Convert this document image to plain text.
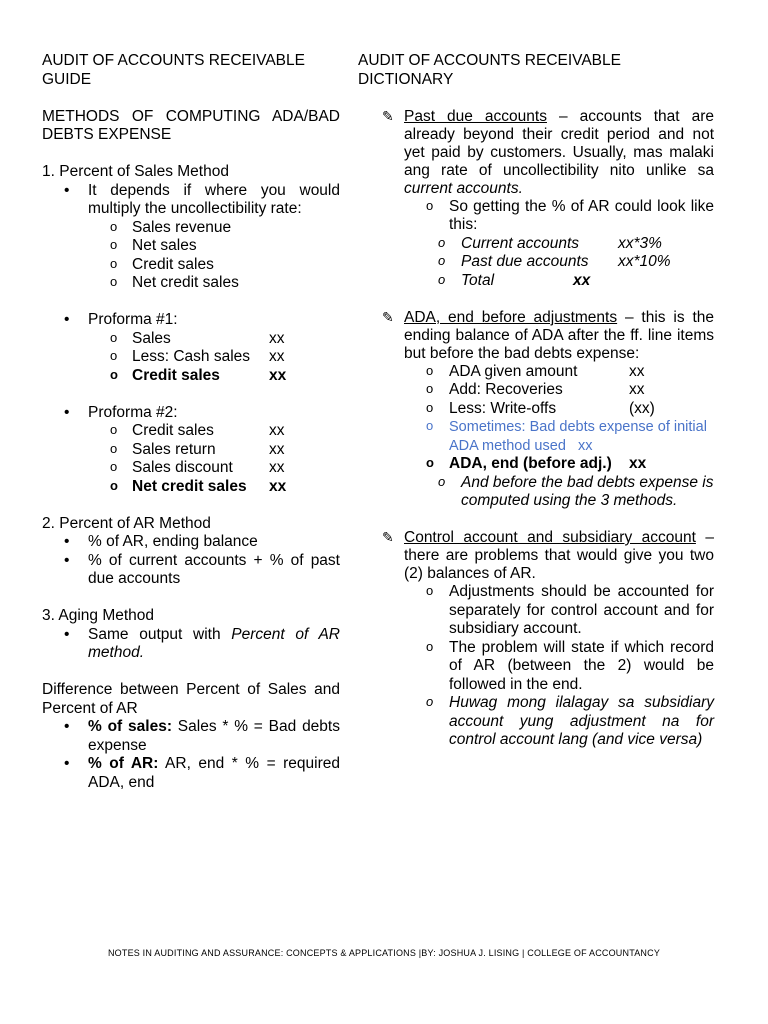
AUDIT OF ACCOUNTS RECEIVABLE GUIDE

METHODS OF COMPUTING ADA/BAD DEBTS EXPENSE

1. Percent of Sales Method

• It depends if where you would multiply the uncollectibility rate:
o Sales revenue
o Net sales
o Credit sales
o Net credit sales
• Proforma #1:
o Sales	xx
o Less: Cash sales xx
o Credit sales	xx
• Proforma #2:
o Credit sales	xx
o Sales return	xx
o Sales discount xx
o Net credit sales xx

2. Percent of AR Method

• % of AR, ending balance
• % of current accounts + % of past due accounts

3. Aging Method

• Same output with Percent of AR method.

Difference between Percent of Sales and Percent of AR

• % of sales: Sales * % = Bad debts expense
• % of AR: AR, end * % = required ADA, end

AUDIT OF ACCOUNTS RECEIVABLE DICTIONARY

✎ Past due accounts – accounts that are already beyond their credit period and not yet paid by customers. Usually, mas malaki ang rate of uncollectibility nito unlike sa current accounts.
o So getting the % of AR could look like this:
o Current accounts	xx*3%
o Past due accounts xx*10%
o Total	xx
✎ ADA, end before adjustments – this is the ending balance of ADA after the ff. line items but before the bad debts expense:
o ADA given amount	xx
o Add: Recoveries	xx
o Less: Write-offs	(xx)
o Sometimes: Bad debts expense of initial ADA method used xx
o ADA, end (before adj.) xx
o And before the bad debts expense is computed using the 3 methods.
✎ Control account and subsidiary account – there are problems that would give you two (2) balances of AR.
o Adjustments should be accounted for separately for control account and for subsidiary account.
o The problem will state if which record of AR (between the 2) would be followed in the end.
o Huwag mong ilalagay sa subsidiary account yung adjustment na for control account lang (and vice versa)
NOTES IN AUDITING AND ASSURANCE: CONCEPTS & APPLICATIONS |BY: JOSHUA J. LISING | COLLEGE OF ACCOUNTANCY
